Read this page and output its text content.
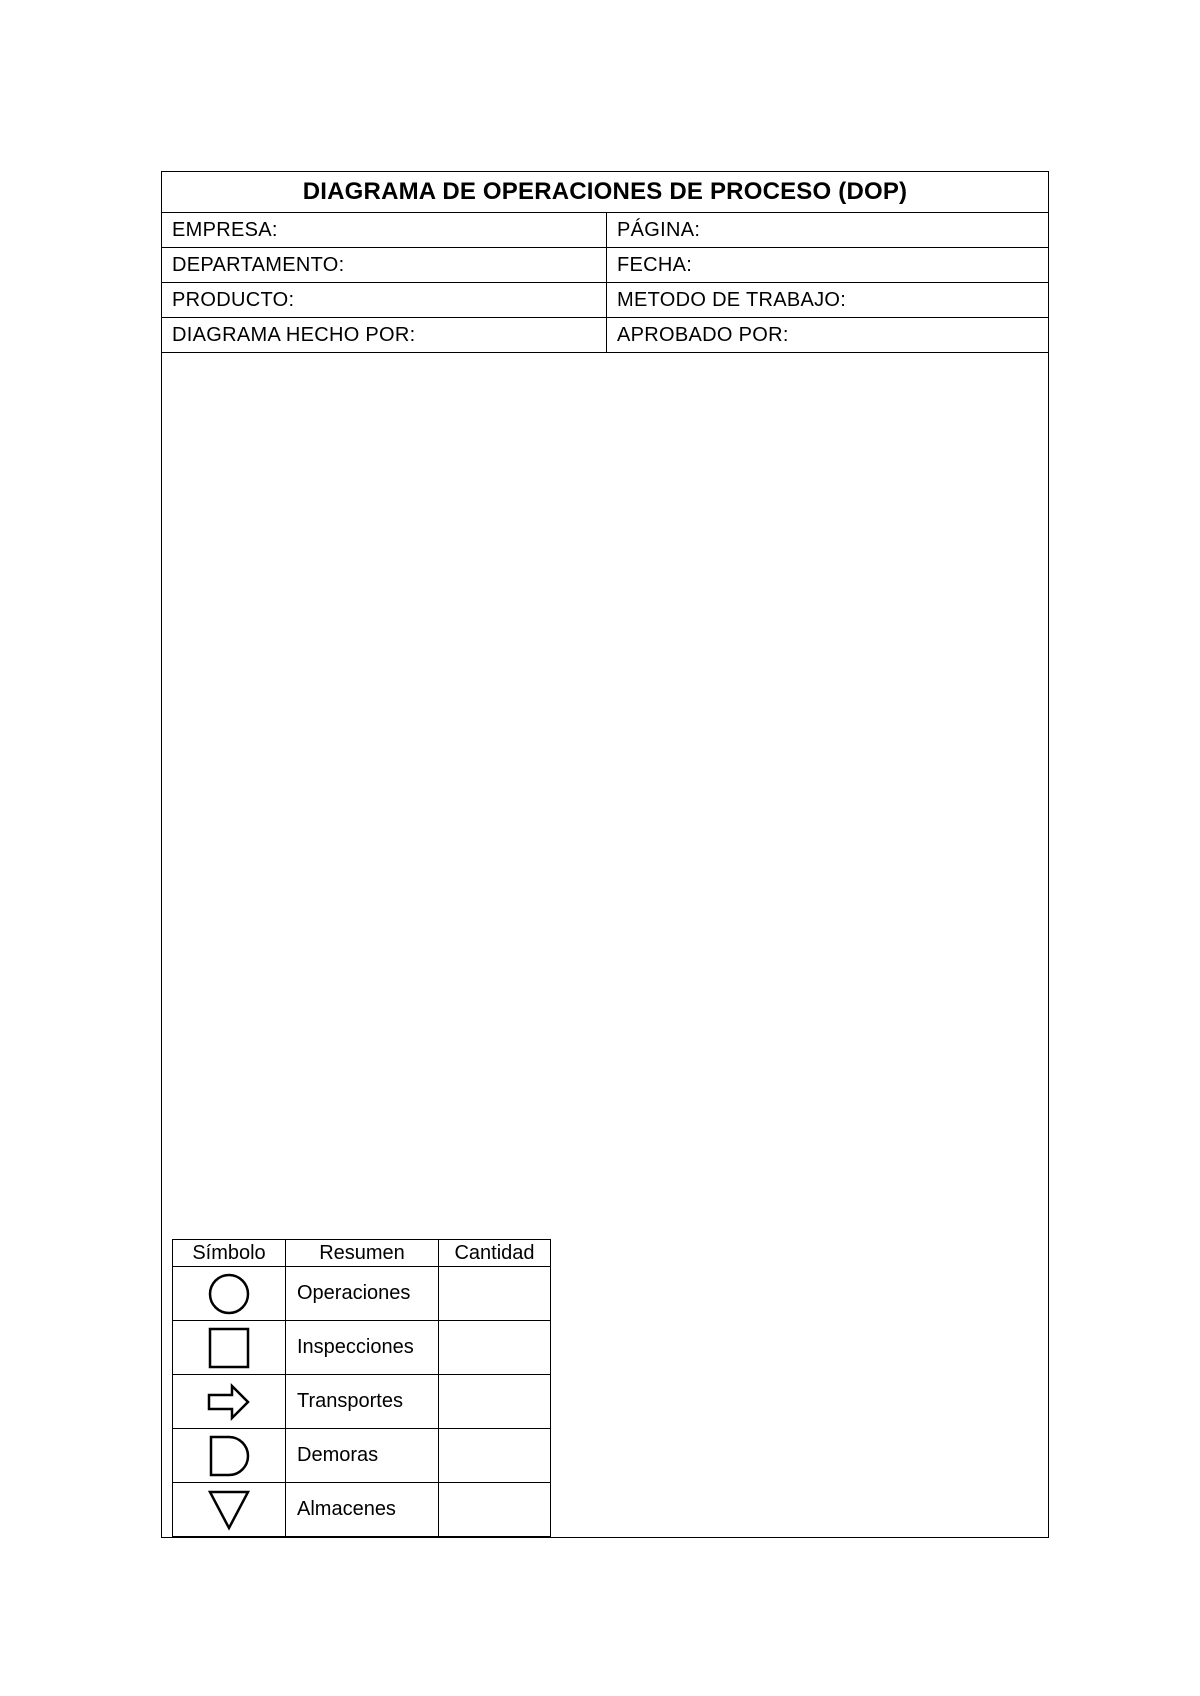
DIAGRAMA DE OPERACIONES DE PROCESO (DOP)
EMPRESA:	PÁGINA:
DEPARTAMENTO:	FECHA:
PRODUCTO:	METODO DE TRABAJO:
DIAGRAMA HECHO POR:	APROBADO POR:
Símbolo	Resumen	Cantidad

	Operaciones	

	Inspecciones	

	Transportes	

	Demoras	

	Almacenes	
